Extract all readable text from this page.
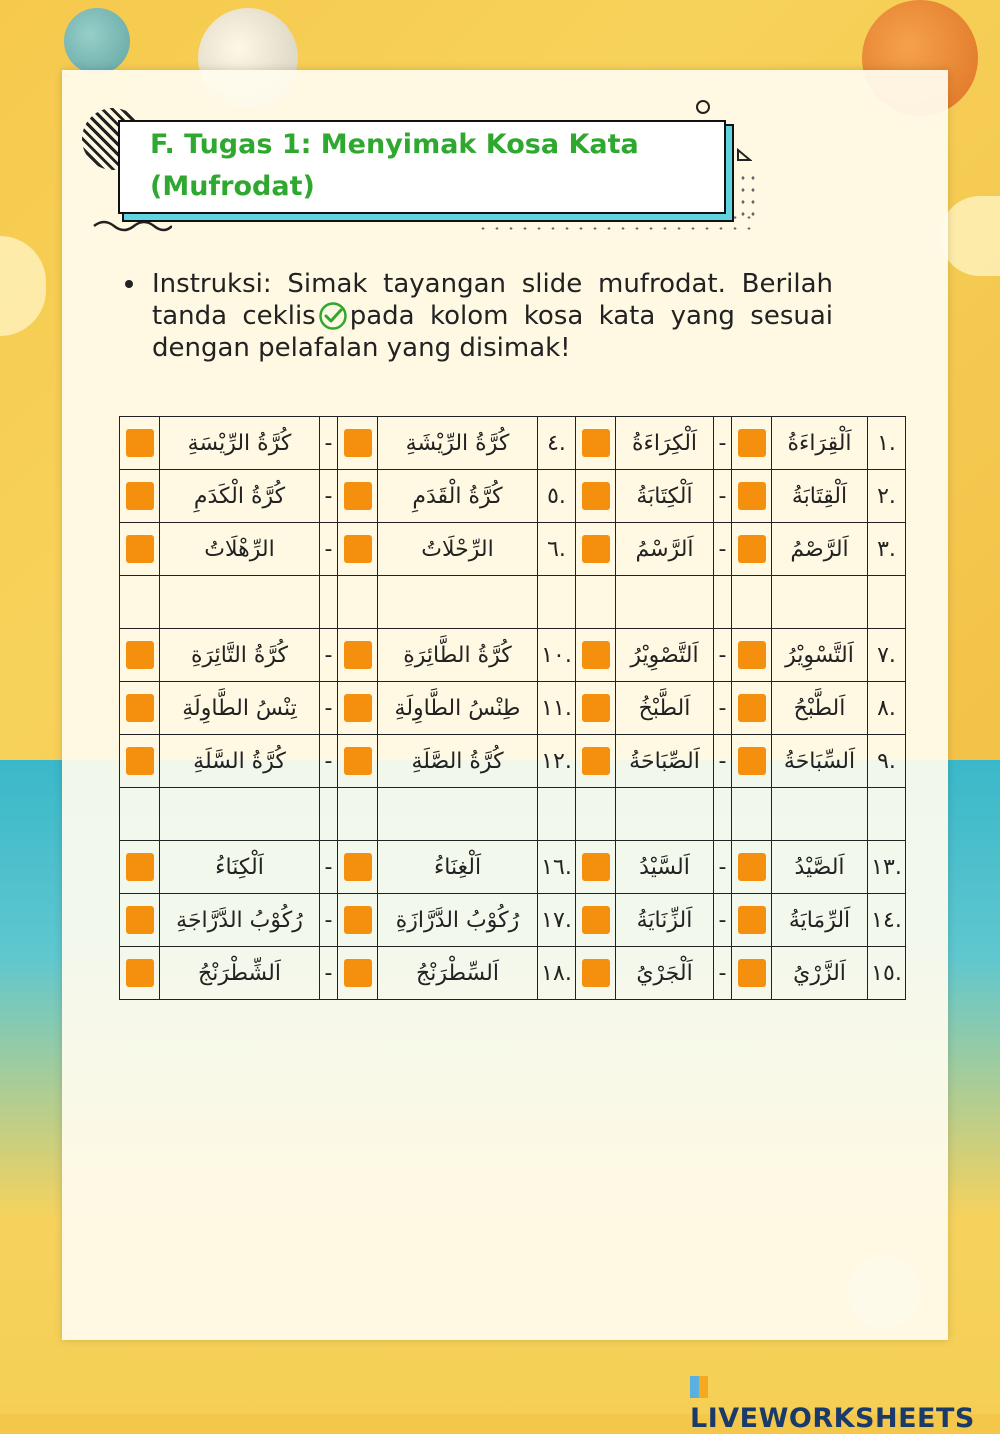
F. Tugas 1: Menyimak Kosa Kata (Mufrodat)
Instruksi: Simak tayangan slide mufrodat. Berilah tanda ceklis pada kolom kosa kata yang sesuai dengan pelafalan yang disimak!
	كُرَّةُ الرِّيْسَةِ	-		كُرَّةُ الرِّيْشَةِ	.٤		اَلْكِرَاءَةُ	-		اَلْقِرَاءَةُ	.١
	كُرَّةُ الْكَدَمِ	-		كُرَّةُ الْقَدَمِ	.٥		اَلْكِتَابَةُ	-		اَلْقِتَابَةُ	.٢
	الرِّهْلَاتُ	-		الرِّحْلَاتُ	.٦		اَلرَّسْمُ	-		اَلرَّصْمُ	.٣

	كُرَّةُ التَّائِرَةِ	-		كُرَّةُ الطَّائِرَةِ	.١٠		اَلتَّصْوِيْرُ	-		اَلتَّسْوِيْرُ	.٧
	تِنْسُ الطَّاوِلَةِ	-		طِنْسُ الطَّاوِلَةِ	.١١		اَلطَّبْخُ	-		اَلطَّبْحُ	.٨
	كُرَّةُ السَّلَةِ	-		كُرَّةُ الصَّلَةِ	.١٢		اَلصِّبَاحَةُ	-		اَلسِّبَاحَةُ	.٩

	اَلْكِنَاءُ	-		اَلْغِنَاءُ	.١٦		اَلسَّيْدُ	-		اَلصَّيْدُ	.١٣
	رُكُوْبُ الدَّرَّاجَةِ	-		رُكُوْبُ الدَّرَّازَةِ	.١٧		اَلزِّنَايَةُ	-		اَلرِّمَايَةُ	.١٤
	اَلشِّطْرَنْجُ	-		اَلسِّطْرَنْجُ	.١٨		اَلْجَرْيُ	-		اَلزَّرْيُ	.١٥
LIVEWORKSHEETS
